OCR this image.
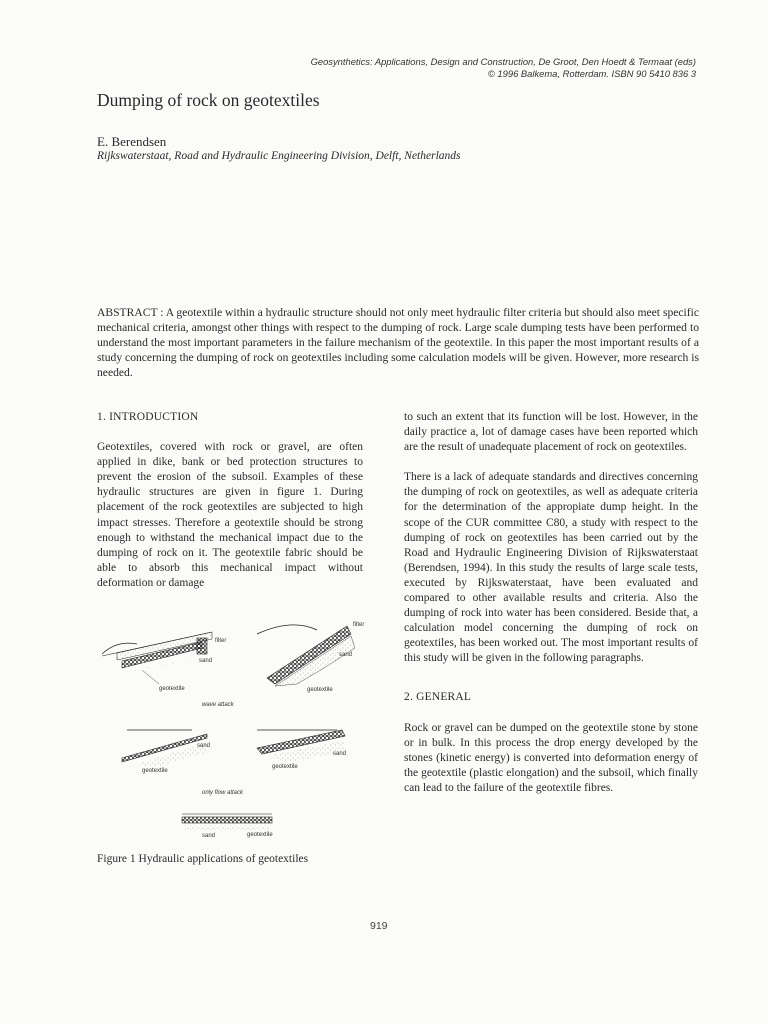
Geosynthetics: Applications, Design and Construction, De Groot, Den Hoedt & Termaat (eds)
© 1996 Balkema, Rotterdam. ISBN 90 5410 836 3
Dumping of rock on geotextiles
E. Berendsen
Rijkswaterstaat, Road and Hydraulic Engineering Division, Delft, Netherlands
ABSTRACT : A geotextile within a hydraulic structure should not only meet hydraulic filter criteria but should also meet specific mechanical criteria, amongst other things with respect to the dumping of rock. Large scale dumping tests have been performed to understand the most important parameters in the failure mechanism of the geotextile. In this paper the most important results of a study concerning the dumping of rock on geotextiles including some calculation models will be given. However, more research is needed.
1. INTRODUCTION

Geotextiles, covered with rock or gravel, are often applied in dike, bank or bed protection structures to prevent the erosion of the subsoil. Examples of these hydraulic structures are given in figure 1. During placement of the rock geotextiles are subjected to high impact stresses. Therefore a geotextile should be strong enough to withstand the mechanical impact due to the dumping of rock on it. The geotextile fabric should be able to absorb this mechanical impact without deformation or damage

filter
sand
geotextile
filter
sand
geotextile
wave attack
sand
geotextile
sand
geotextile
only flow attack
sand	geotextile
Figure 1 Hydraulic applications of geotextiles

to such an extent that its function will be lost. However, in the daily practice a, lot of damage cases have been reported which are the result of unadequate placement of rock on geotextiles.

There is a lack of adequate standards and directives concerning the dumping of rock on geotextiles, as well as adequate criteria for the determination of the appropiate dump height. In the scope of the CUR committee C80, a study with respect to the dumping of rock on geotextiles has been carried out by the Road and Hydraulic Engineering Division of Rijkswaterstaat (Berendsen, 1994). In this study the results of large scale tests, executed by Rijkswaterstaat, have been evaluated and compared to other available results and criteria. Also the dumping of rock into water has been considered. Beside that, a calculation model concerning the dumping of rock on geotextiles, has been worked out. The most important results of this study will be given in the following paragraphs.

2. GENERAL

Rock or gravel can be dumped on the geotextile stone by stone or in bulk. In this process the drop energy developed by the stones (kinetic energy) is converted into deformation energy of the geotextile (plastic elongation) and the subsoil, which finally can lead to the failure of the geotextile fibres.

919
